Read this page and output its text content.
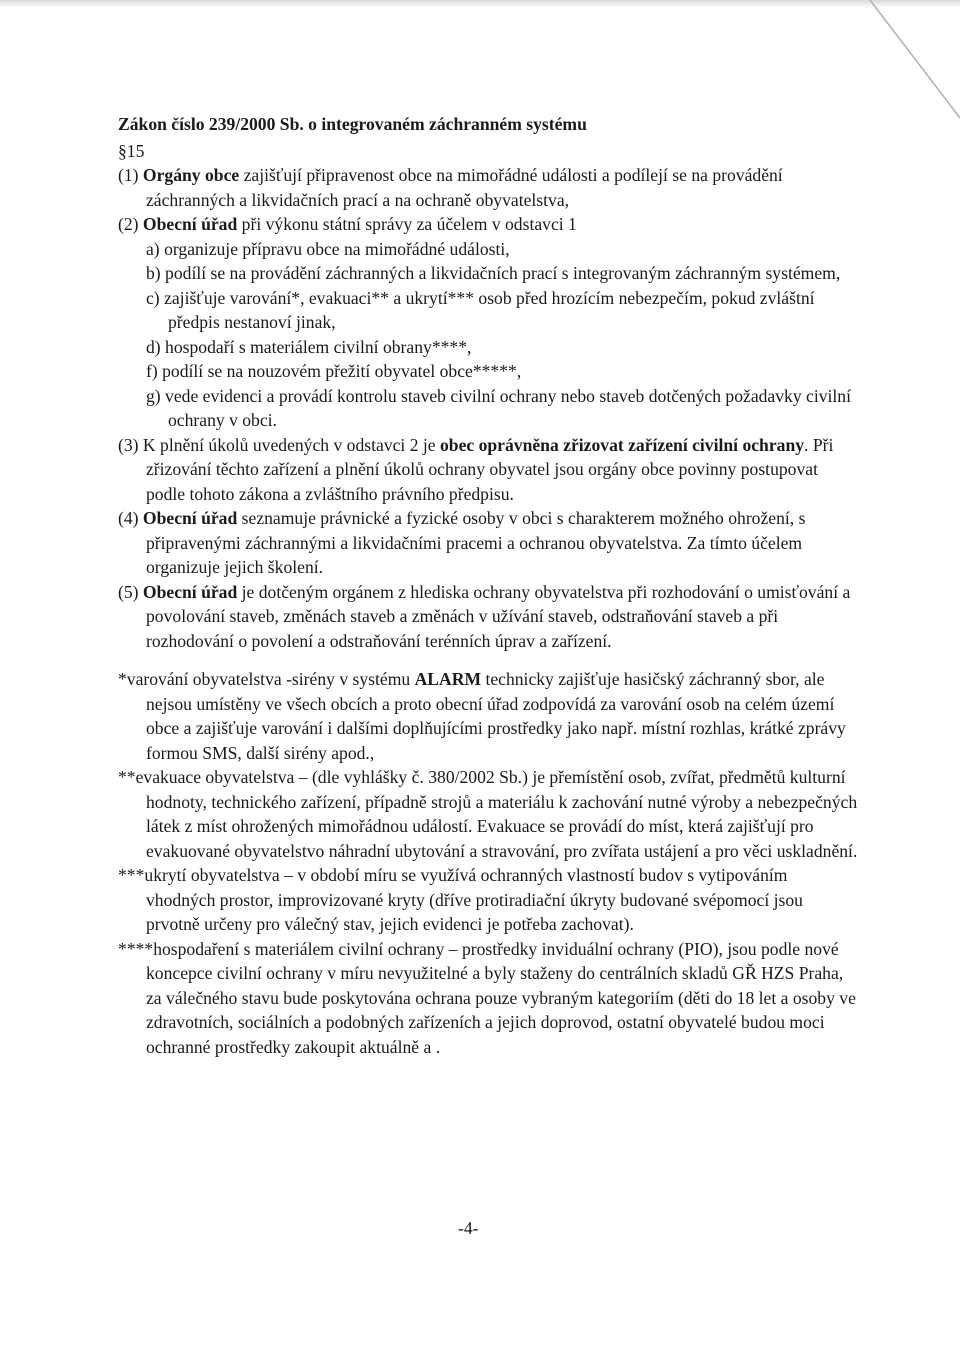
Zákon číslo 239/2000 Sb. o integrovaném záchranném systému

§15

(1) Orgány obce zajišťují připravenost obce na mimořádné události a podílejí se na provádění záchranných a likvidačních prací a na ochraně obyvatelstva,

(2) Obecní úřad při výkonu státní správy za účelem v odstavci 1

a) organizuje přípravu obce na mimořádné události,

b) podílí se na provádění záchranných a likvidačních prací s integrovaným záchranným systémem,

c) zajišťuje varování*, evakuaci** a ukrytí*** osob před hrozícím nebezpečím, pokud zvláštní předpis nestanoví jinak,

d) hospodaří s materiálem civilní obrany****,

f) podílí se na nouzovém přežití obyvatel obce*****,

g) vede evidenci a provádí kontrolu staveb civilní ochrany nebo staveb dotčených požadavky civilní ochrany v obci.

(3) K plnění úkolů uvedených v odstavci 2 je obec oprávněna zřizovat zařízení civilní ochrany. Při zřizování těchto zařízení a plnění úkolů ochrany obyvatel jsou orgány obce povinny postupovat podle tohoto zákona a zvláštního právního předpisu.

(4) Obecní úřad seznamuje právnické a fyzické osoby v obci s charakterem možného ohrožení, s připravenými záchrannými a likvidačními pracemi a ochranou obyvatelstva. Za tímto účelem organizuje jejich školení.

(5) Obecní úřad je dotčeným orgánem z hlediska ochrany obyvatelstva při rozhodování o umisťování a povolování staveb, změnách staveb a změnách v užívání staveb, odstraňování staveb a při rozhodování o povolení a odstraňování terénních úprav a zařízení.

*varování obyvatelstva -sirény v systému ALARM technicky zajišťuje hasičský záchranný sbor, ale nejsou umístěny ve všech obcích a proto obecní úřad zodpovídá za varování osob na celém území obce a zajišťuje varování i dalšími doplňujícími prostředky jako např. místní rozhlas, krátké zprávy formou SMS, další sirény apod.,

**evakuace obyvatelstva – (dle vyhlášky č. 380/2002 Sb.) je přemístění osob, zvířat, předmětů kulturní hodnoty, technického zařízení, případně strojů a materiálu k zachování nutné výroby a nebezpečných látek z míst ohrožených mimořádnou událostí. Evakuace se provádí do míst, která zajišťují pro evakuované obyvatelstvo náhradní ubytování a stravování, pro zvířata ustájení a pro věci uskladnění.

***ukrytí obyvatelstva – v období míru se využívá ochranných vlastností budov s vytipováním vhodných prostor, improvizované kryty (dříve protiradiační úkryty budované svépomocí jsou prvotně určeny pro válečný stav, jejich evidenci je potřeba zachovat).

****hospodaření s materiálem civilní ochrany – prostředky inviduální ochrany (PIO), jsou podle nové koncepce civilní ochrany v míru nevyužitelné a byly staženy do centrálních skladů GŘ HZS Praha, za válečného stavu bude poskytována ochrana pouze vybraným kategoriím (děti do 18 let a osoby ve zdravotních, sociálních a podobných zařízeních a jejich doprovod, ostatní obyvatelé budou moci ochranné prostředky zakoupit aktuálně a .

-4-
